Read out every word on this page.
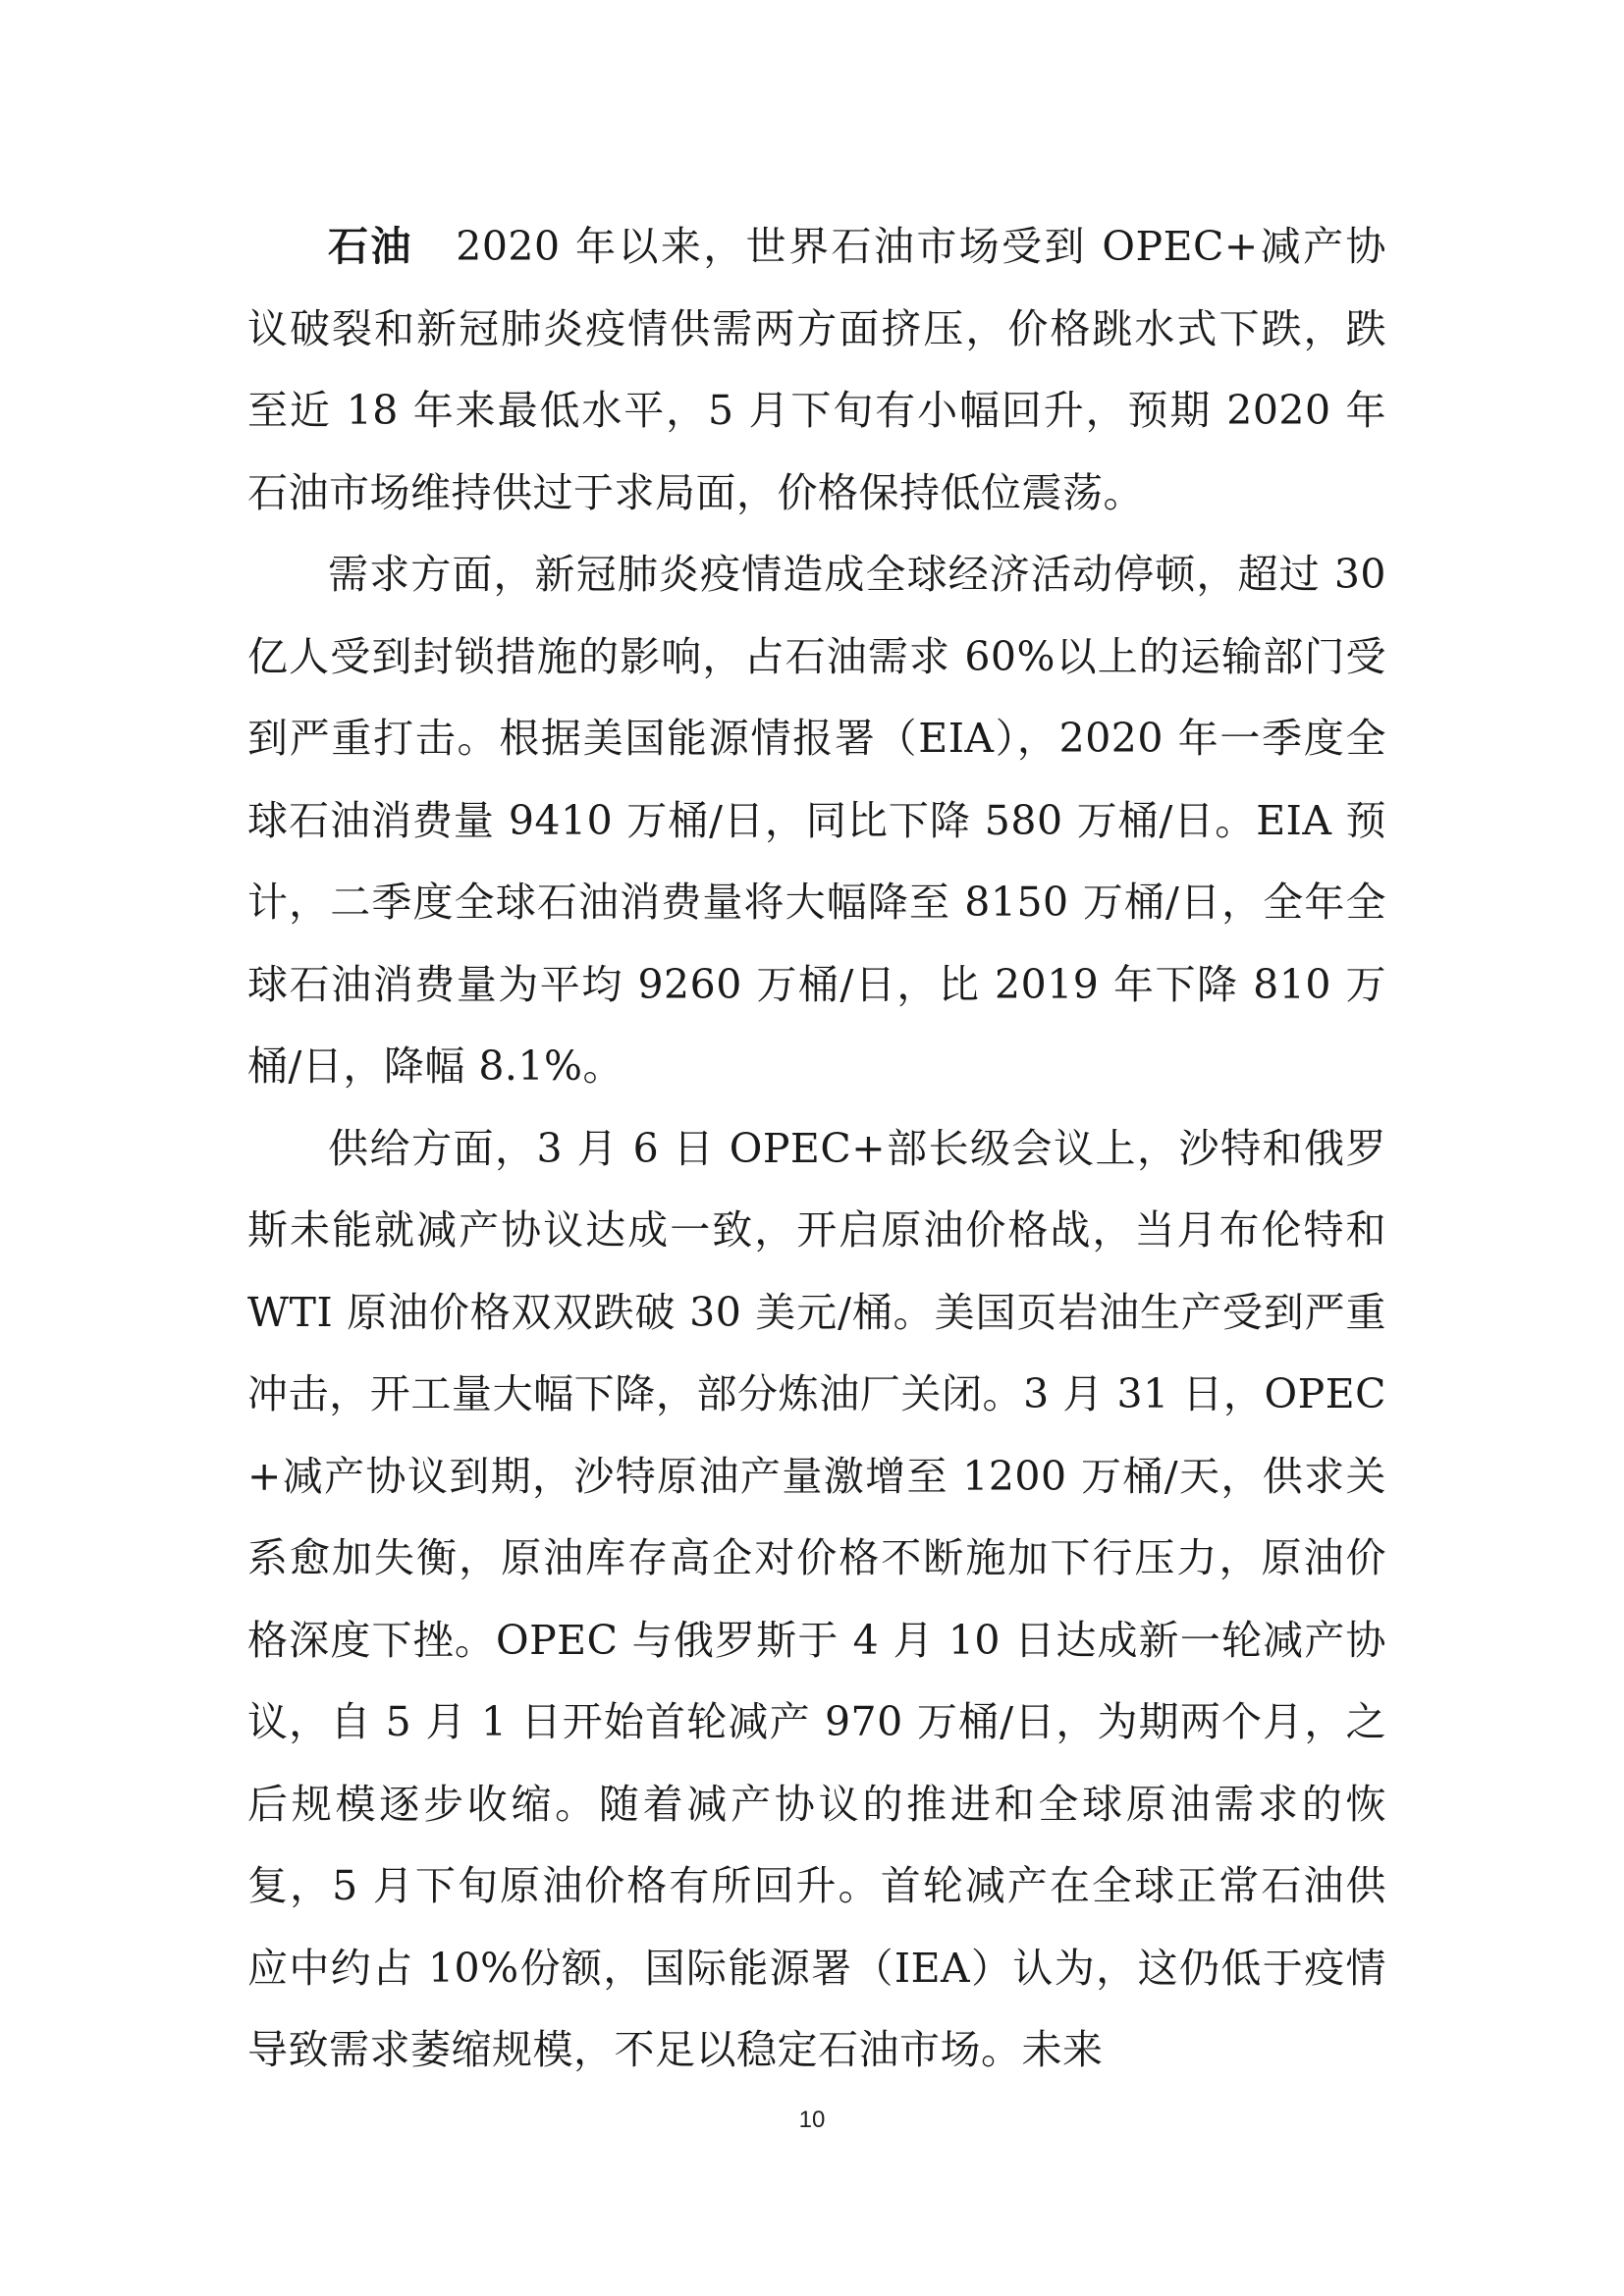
石油　2020 年以来，世界石油市场受到 OPEC+减产协议破裂和新冠肺炎疫情供需两方面挤压，价格跳水式下跌，跌至近 18 年来最低水平，5 月下旬有小幅回升，预期 2020 年石油市场维持供过于求局面，价格保持低位震荡。

需求方面，新冠肺炎疫情造成全球经济活动停顿，超过 30 亿人受到封锁措施的影响，占石油需求 60%以上的运输部门受到严重打击。根据美国能源情报署（EIA），2020 年一季度全球石油消费量 9410 万桶/日，同比下降 580 万桶/日。EIA 预计，二季度全球石油消费量将大幅降至 8150 万桶/日，全年全球石油消费量为平均 9260 万桶/日，比 2019 年下降 810 万桶/日，降幅 8.1%。

供给方面，3 月 6 日 OPEC+部长级会议上，沙特和俄罗斯未能就减产协议达成一致，开启原油价格战，当月布伦特和 WTI 原油价格双双跌破 30 美元/桶。美国页岩油生产受到严重冲击，开工量大幅下降，部分炼油厂关闭。3 月 31 日，OPEC+减产协议到期，沙特原油产量激增至 1200 万桶/天，供求关系愈加失衡，原油库存高企对价格不断施加下行压力，原油价格深度下挫。OPEC 与俄罗斯于 4 月 10 日达成新一轮减产协议，自 5 月 1 日开始首轮减产 970 万桶/日，为期两个月，之后规模逐步收缩。随着减产协议的推进和全球原油需求的恢复，5 月下旬原油价格有所回升。首轮减产在全球正常石油供应中约占 10%份额，国际能源署（IEA）认为，这仍低于疫情导致需求萎缩规模，不足以稳定石油市场。未来

10
